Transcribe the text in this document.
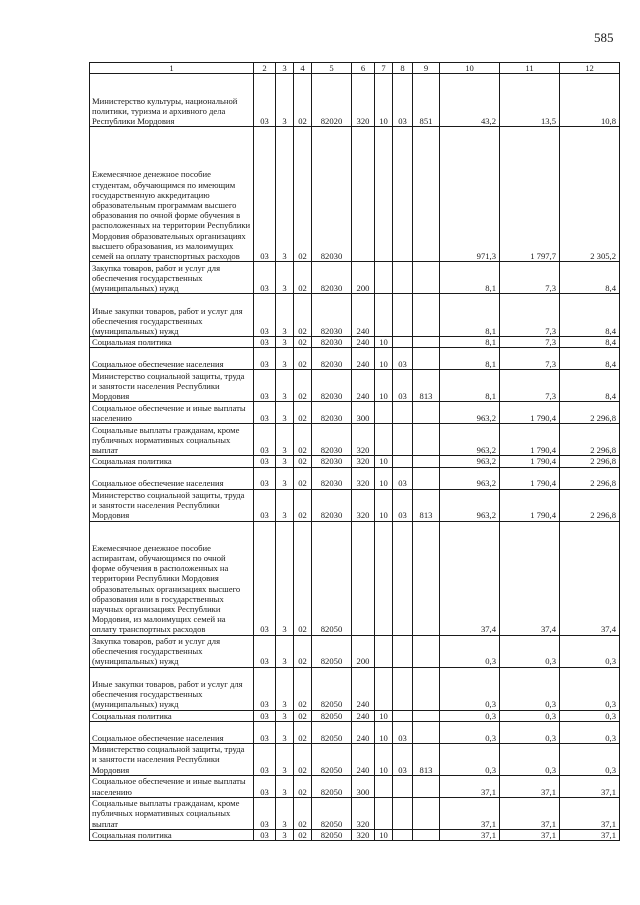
585
1	2	3	4	5	6	7	8	9	10	11	12
Министерство культуры, национальной политики, туризма и архивного дела Республики Мордовия	03	3	02	82020	320	10	03	851	43,2	13,5	10,8
Ежемесячное денежное пособие студентам, обучающимся по имеющим государственную аккредитацию образовательным программам высшего образования по очной форме обучения в расположенных на территории Республики Мордовия образовательных организациях высшего образования, из малоимущих семей на оплату транспортных расходов	03	3	02	82030					971,3	1 797,7	2 305,2
Закупка товаров, работ и услуг для обеспечения государственных (муниципальных) нужд	03	3	02	82030	200				8,1	7,3	8,4
Иные закупки товаров, работ и услуг для обеспечения государственных (муниципальных) нужд	03	3	02	82030	240				8,1	7,3	8,4
Социальная политика	03	3	02	82030	240	10			8,1	7,3	8,4
Социальное обеспечение населения	03	3	02	82030	240	10	03		8,1	7,3	8,4
Министерство социальной защиты, труда и занятости населения Республики Мордовия	03	3	02	82030	240	10	03	813	8,1	7,3	8,4
Социальное обеспечение и иные выплаты населению	03	3	02	82030	300				963,2	1 790,4	2 296,8
Социальные выплаты гражданам, кроме публичных нормативных социальных выплат	03	3	02	82030	320				963,2	1 790,4	2 296,8
Социальная политика	03	3	02	82030	320	10			963,2	1 790,4	2 296,8
Социальное обеспечение населения	03	3	02	82030	320	10	03		963,2	1 790,4	2 296,8
Министерство социальной защиты, труда и занятости населения Республики Мордовия	03	3	02	82030	320	10	03	813	963,2	1 790,4	2 296,8
Ежемесячное денежное пособие аспирантам, обучающимся по очной форме обучения в расположенных на территории Республики Мордовия образовательных организациях высшего образования или в государственных научных организациях Республики Мордовия, из малоимущих семей на оплату транспортных расходов	03	3	02	82050					37,4	37,4	37,4
Закупка товаров, работ и услуг для обеспечения государственных (муниципальных) нужд	03	3	02	82050	200				0,3	0,3	0,3
Иные закупки товаров, работ и услуг для обеспечения государственных (муниципальных) нужд	03	3	02	82050	240				0,3	0,3	0,3
Социальная политика	03	3	02	82050	240	10			0,3	0,3	0,3
Социальное обеспечение населения	03	3	02	82050	240	10	03		0,3	0,3	0,3
Министерство социальной защиты, труда и занятости населения Республики Мордовия	03	3	02	82050	240	10	03	813	0,3	0,3	0,3
Социальное обеспечение и иные выплаты населению	03	3	02	82050	300				37,1	37,1	37,1
Социальные выплаты гражданам, кроме публичных нормативных социальных выплат	03	3	02	82050	320				37,1	37,1	37,1
Социальная политика	03	3	02	82050	320	10			37,1	37,1	37,1
